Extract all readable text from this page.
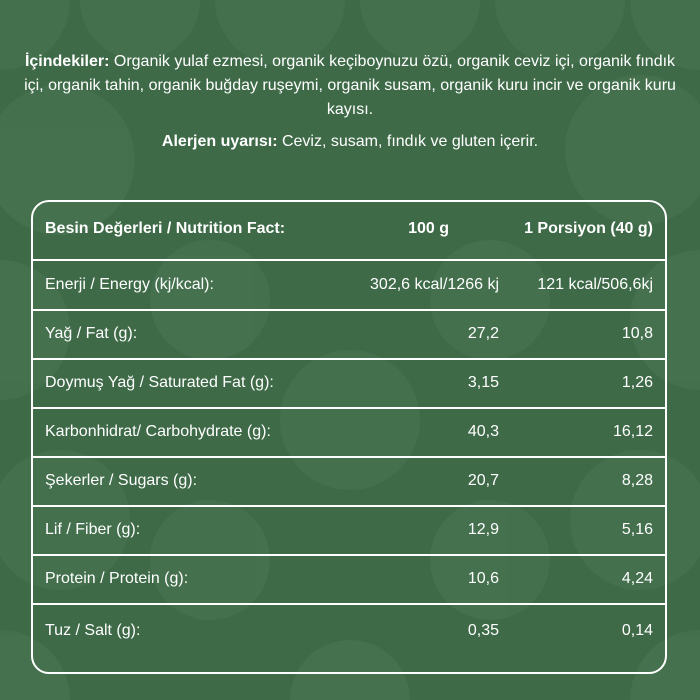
İçindekiler: Organik yulaf ezmesi, organik keçiboynuzu özü, organik ceviz içi, organik fındık içi, organik tahin, organik buğday ruşeymi, organik susam, organik kuru incir ve organik kuru kayısı.
Alerjen uyarısı: Ceviz, susam, fındık ve gluten içerir.
Besin Değerleri / Nutrition Fact:	100 g	1 Porsiyon (40 g)
Enerji / Energy (kj/kcal):	302,6 kcal/1266 kj	121 kcal/506,6kj
Yağ / Fat (g):	27,2	10,8
Doymuş Yağ / Saturated Fat (g):	3,15	1,26
Karbonhidrat/ Carbohydrate (g):	40,3	16,12
Şekerler / Sugars (g):	20,7	8,28
Lif / Fiber (g):	12,9	5,16
Protein / Protein (g):	10,6	4,24
Tuz / Salt (g):	0,35	0,14
